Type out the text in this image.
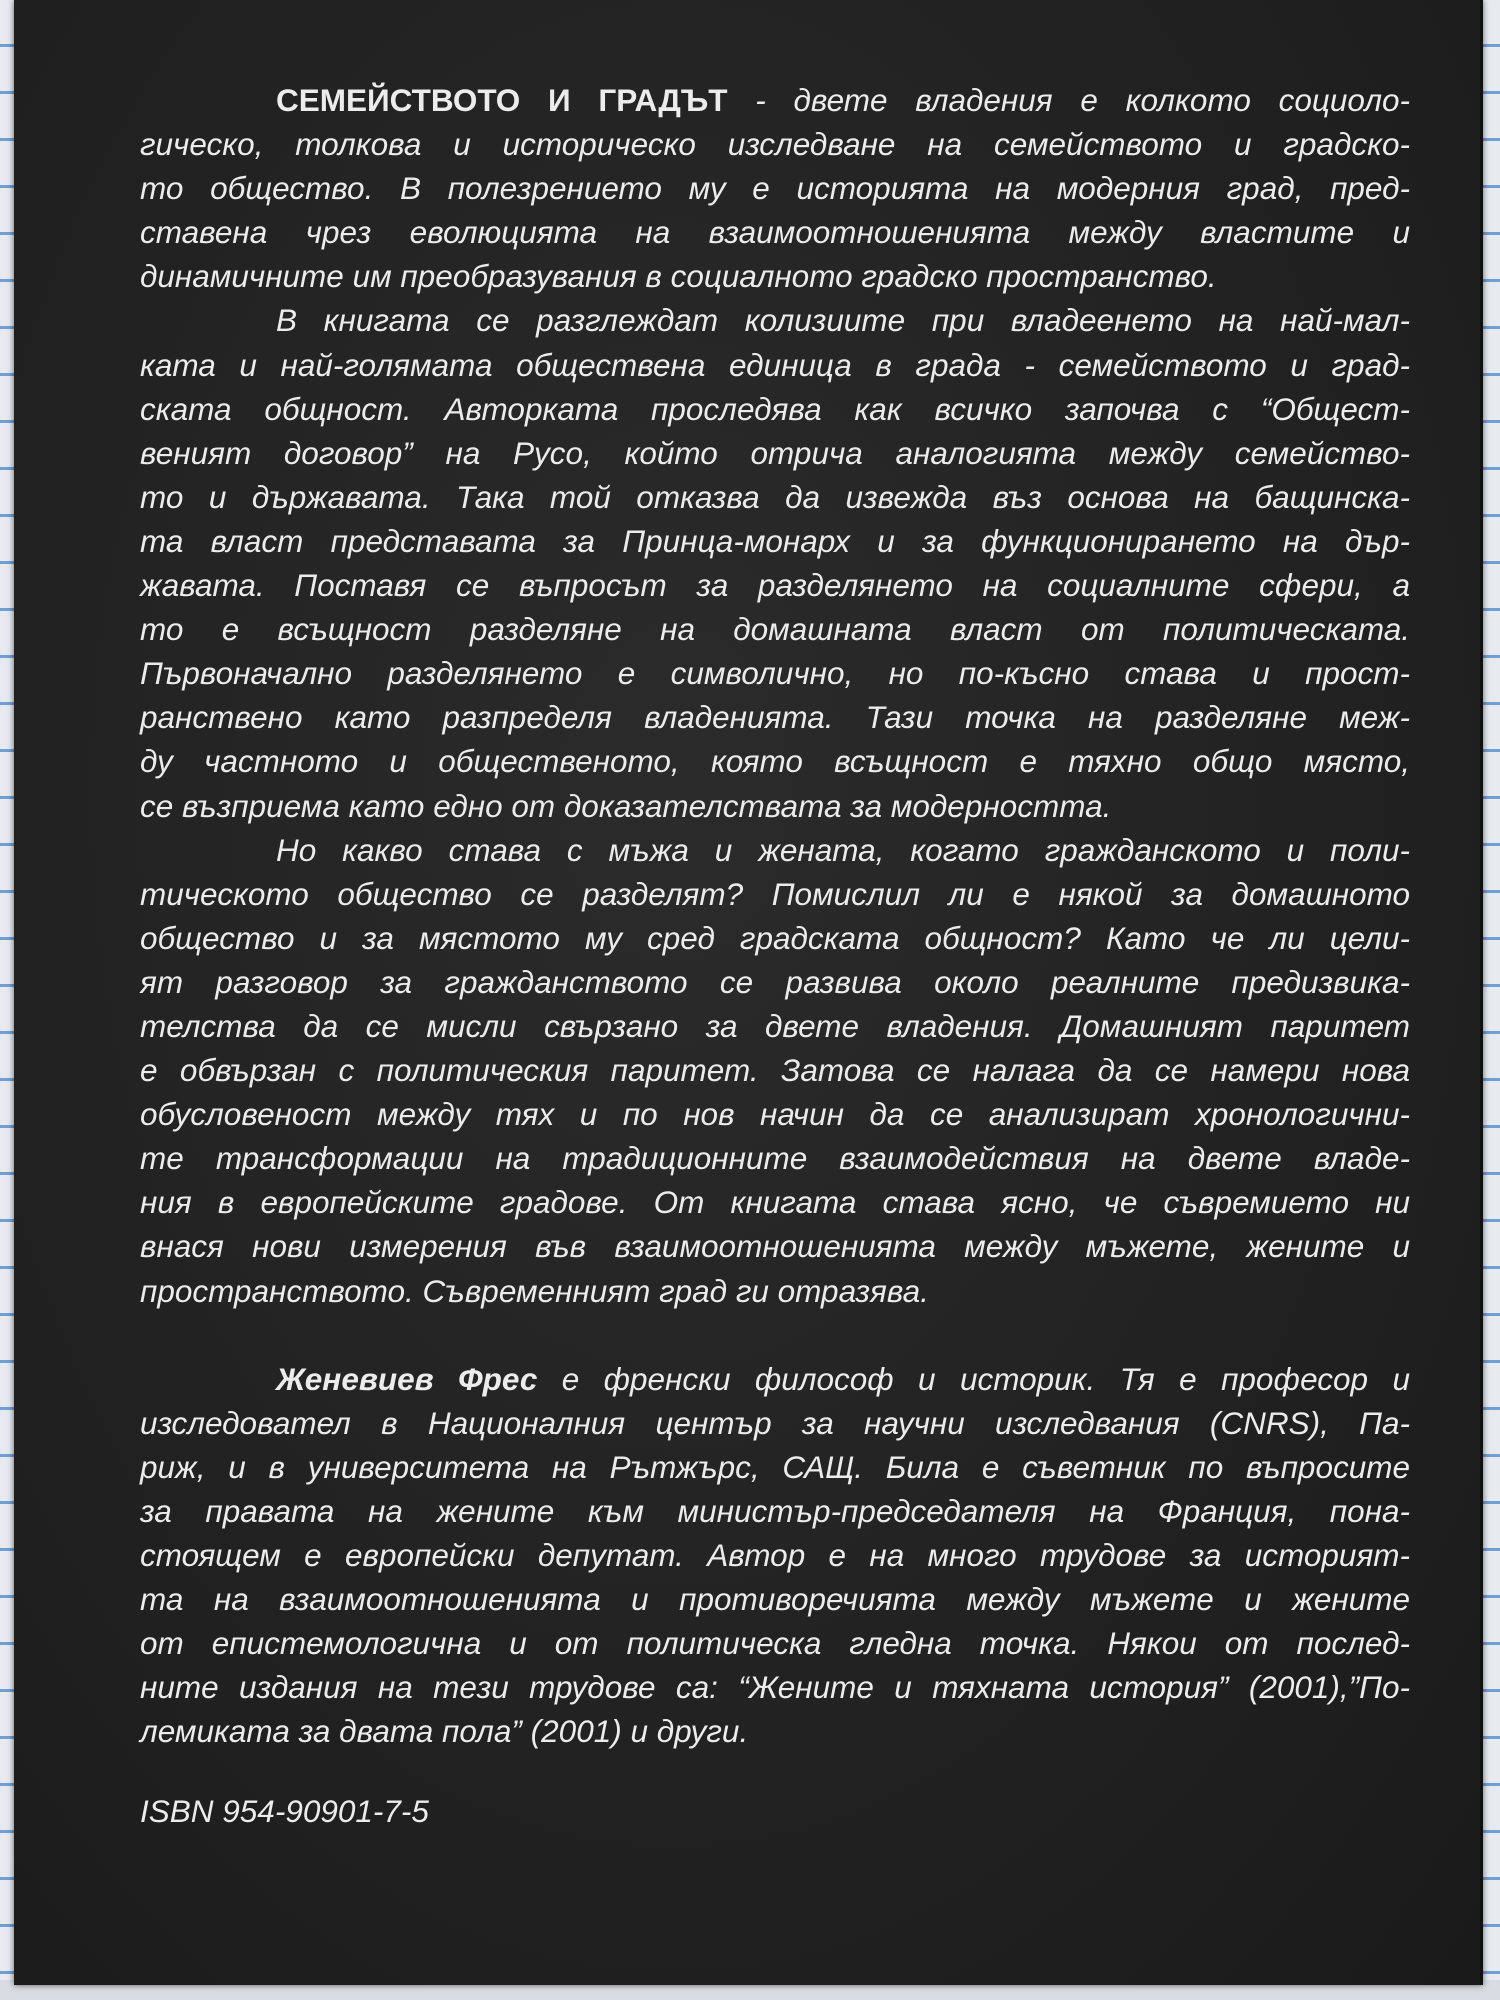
СЕМЕЙСТВОТО И ГРАДЪТ - двете владения е колкото социоло-
гическо, толкова и историческо изследване на семейството и градско-
то общество. В полезрението му е историята на модерния град, пред-
ставена чрез еволюцията на взаимоотношенията между властите и
динамичните им преобразувания в социалното градско пространство.

В книгата се разглеждат колизиите при владеенето на най-мал-
ката и най-голямата обществена единица в града - семейството и град-
ската общност. Авторката проследява как всичко започва с “Общест-
веният договор” на Русо, който отрича аналогията между семейство-
то и държавата. Така той отказва да извежда въз основа на бащинска-
та власт представата за Принца-монарх и за функционирането на дър-
жавата. Поставя се въпросът за разделянето на социалните сфери, а
то е всъщност разделяне на домашната власт от политическата.
Първоначално разделянето е символично, но по-късно става и прост-
ранствено като разпределя владенията. Тази точка на разделяне меж-
ду частното и общественото, която всъщност е тяхно общо място,
се възприема като едно от доказателствата за модерността.

Но какво става с мъжа и жената, когато гражданското и поли-
тическото общество се разделят? Помислил ли е някой за домашното
общество и за мястото му сред градската общност? Като че ли цели-
ят разговор за гражданството се развива около реалните предизвика-
телства да се мисли свързано за двете владения. Домашният паритет
е обвързан с политическия паритет. Затова се налага да се намери нова
обусловеност между тях и по нов начин да се анализират хронологични-
те трансформации на традиционните взаимодействия на двете владе-
ния в европейските градове. От книгата става ясно, че съвремието ни
внася нови измерения във взаимоотношенията между мъжете, жените и
пространството. Съвременният град ги отразява.

Женевиев Фрес е френски философ и историк. Тя е професор и
изследовател в Националния център за научни изследвания (CNRS), Па-
риж, и в университета на Рътжърс, САЩ. Била е съветник по въпросите
за правата на жените към министър-председателя на Франция, пона-
стоящем е европейски депутат. Автор е на много трудове за историят-
та на взаимоотношенията и противоречията между мъжете и жените
от епистемологична и от политическа гледна точка. Някои от послед-
ните издания на тези трудове са: “Жените и тяхната история” (2001),”По-
лемиката за двата пола” (2001) и други.

ISBN 954-90901-7-5
